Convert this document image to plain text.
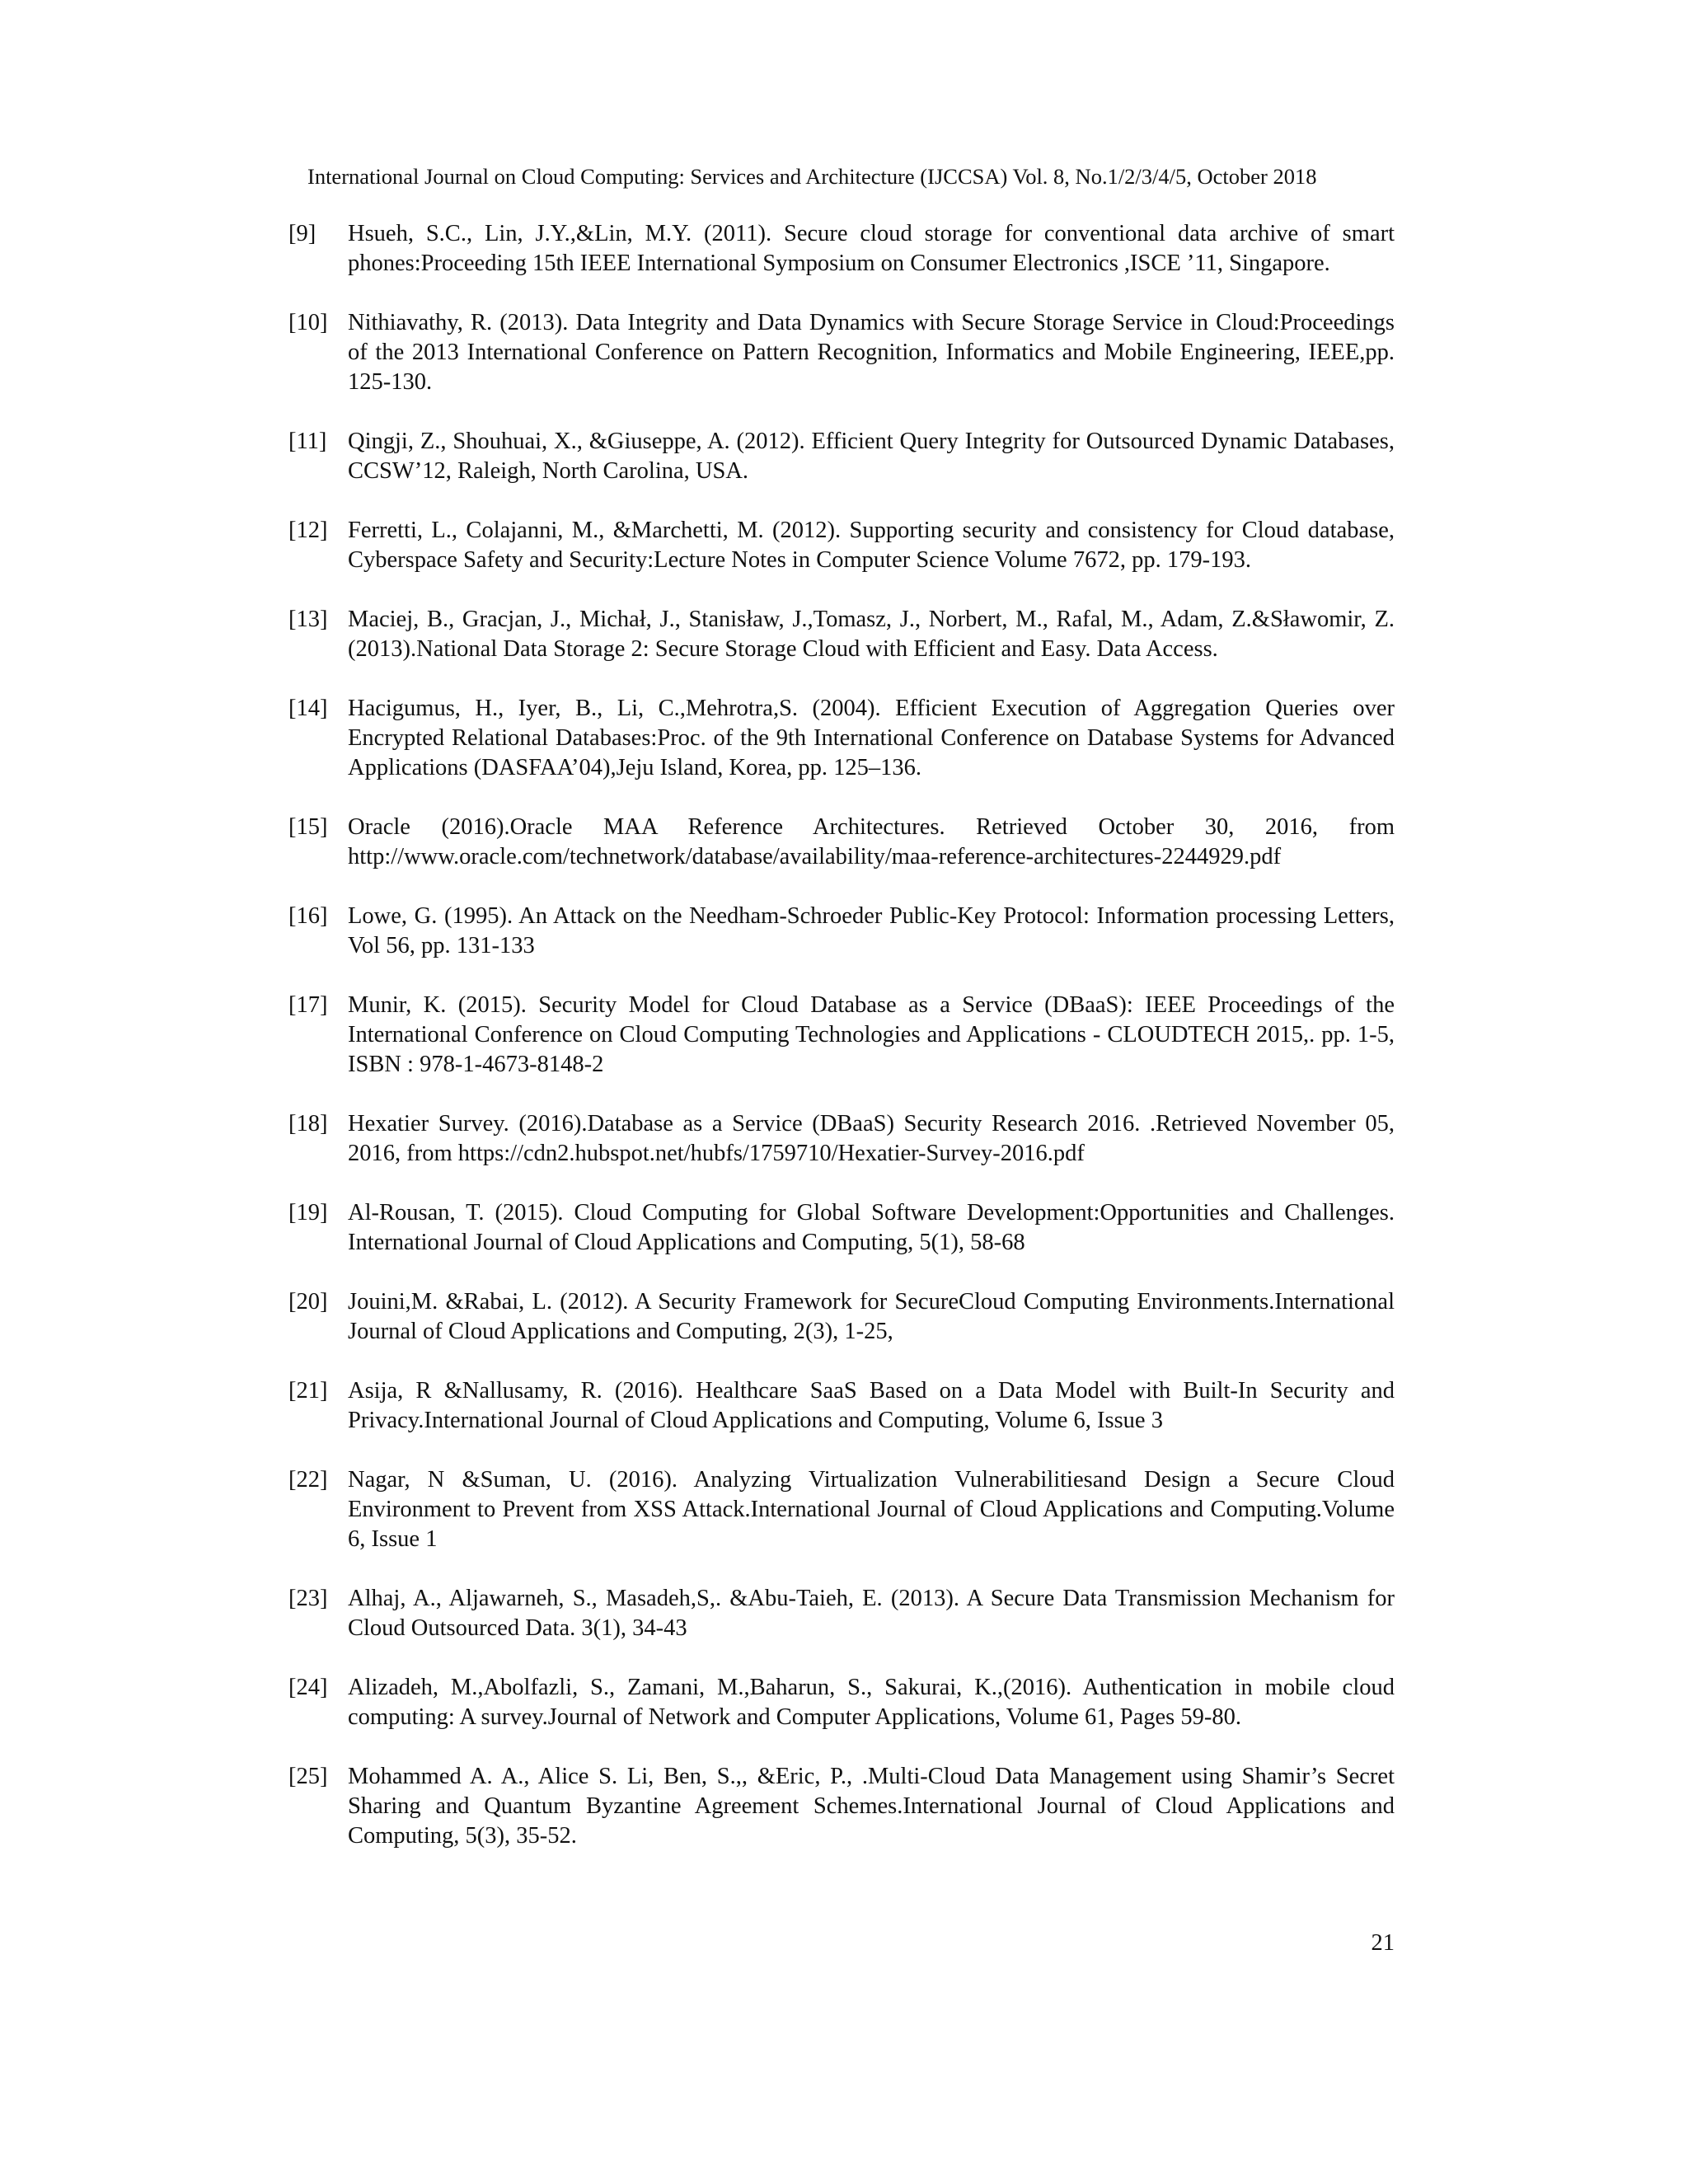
International Journal on Cloud Computing: Services and Architecture (IJCCSA) Vol. 8, No.1/2/3/4/5, October 2018
[9]	Hsueh, S.C., Lin, J.Y.,&Lin, M.Y. (2011). Secure cloud storage for conventional data archive of smart phones:Proceeding 15th IEEE International Symposium on Consumer Electronics ,ISCE ’11, Singapore.
[10] Nithiavathy, R. (2013). Data Integrity and Data Dynamics with Secure Storage Service in Cloud:Proceedings of the 2013 International Conference on Pattern Recognition, Informatics and Mobile Engineering, IEEE,pp. 125-130.
[11] Qingji, Z., Shouhuai, X., &Giuseppe, A. (2012). Efficient Query Integrity for Outsourced Dynamic Databases, CCSW’12, Raleigh, North Carolina, USA.
[12] Ferretti, L., Colajanni, M., &Marchetti, M. (2012). Supporting security and consistency for Cloud database, Cyberspace Safety and Security:Lecture Notes in Computer Science Volume 7672, pp. 179-193.
[13] Maciej, B., Gracjan, J., Michał, J., Stanisław, J.,Tomasz, J., Norbert, M., Rafal, M., Adam, Z.&Sławomir, Z. (2013).National Data Storage 2: Secure Storage Cloud with Efficient and Easy. Data Access.
[14] Hacigumus, H., Iyer, B., Li, C.,Mehrotra,S. (2004). Efficient Execution of Aggregation Queries over Encrypted Relational Databases:Proc. of the 9th International Conference on Database Systems for Advanced Applications (DASFAA’04),Jeju Island, Korea, pp. 125–136.
[15] Oracle (2016).Oracle MAA Reference Architectures. Retrieved October 30, 2016, from http://www.oracle.com/technetwork/database/availability/maa-reference-architectures-2244929.pdf
[16] Lowe, G. (1995). An Attack on the Needham-Schroeder Public-Key Protocol: Information processing Letters, Vol 56, pp. 131-133
[17] Munir, K. (2015). Security Model for Cloud Database as a Service (DBaaS): IEEE Proceedings of the International Conference on Cloud Computing Technologies and Applications - CLOUDTECH 2015,. pp. 1-5, ISBN : 978-1-4673-8148-2
[18] Hexatier Survey. (2016).Database as a Service (DBaaS) Security Research 2016. .Retrieved November 05, 2016, from https://cdn2.hubspot.net/hubfs/1759710/Hexatier-Survey-2016.pdf
[19] Al-Rousan, T. (2015). Cloud Computing for Global Software Development:Opportunities and Challenges. International Journal of Cloud Applications and Computing, 5(1), 58-68
[20] Jouini,M. &Rabai, L. (2012). A Security Framework for SecureCloud Computing Environments.International Journal of Cloud Applications and Computing, 2(3), 1-25,
[21] Asija, R &Nallusamy, R. (2016). Healthcare SaaS Based on a Data Model with Built-In Security and Privacy.International Journal of Cloud Applications and Computing, Volume 6, Issue 3
[22] Nagar, N &Suman, U. (2016). Analyzing Virtualization Vulnerabilitiesand Design a Secure Cloud Environment to Prevent from XSS Attack.International Journal of Cloud Applications and Computing.Volume 6, Issue 1
[23] Alhaj, A., Aljawarneh, S., Masadeh,S,. &Abu-Taieh, E. (2013). A Secure Data Transmission Mechanism for Cloud Outsourced Data. 3(1), 34-43
[24] Alizadeh, M.,Abolfazli, S., Zamani, M.,Baharun, S., Sakurai, K.,(2016). Authentication in mobile cloud computing: A survey.Journal of Network and Computer Applications, Volume 61, Pages 59-80.
[25] Mohammed A. A., Alice S. Li, Ben, S.,, &Eric, P., .Multi-Cloud Data Management using Shamir’s Secret Sharing and Quantum Byzantine Agreement Schemes.International Journal of Cloud Applications and Computing, 5(3), 35-52.
21
